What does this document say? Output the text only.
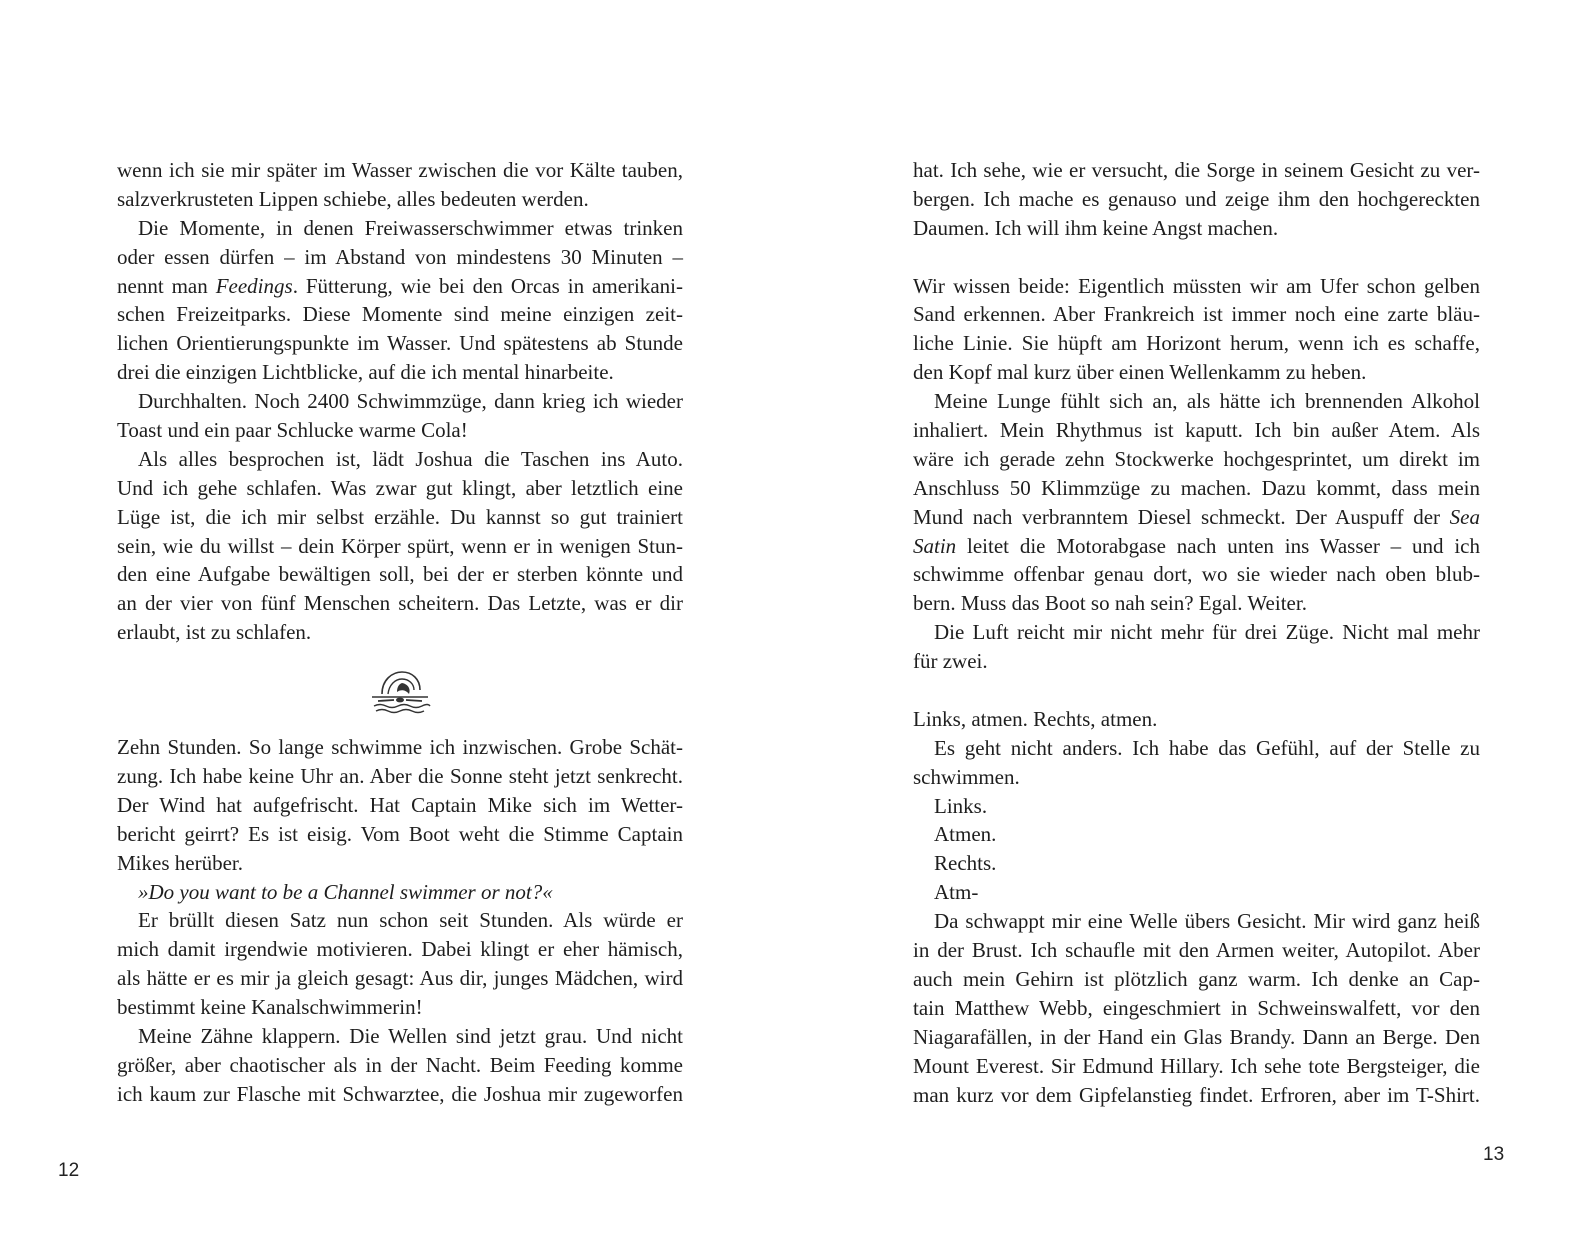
wenn ich sie mir später im Wasser zwischen die vor Kälte tauben,

salzverkrusteten Lippen schiebe, alles bedeuten werden.

Die Momente, in denen Freiwasserschwimmer etwas trinken

oder essen dürfen – im Abstand von mindestens 30 Minuten –

nennt man Feedings. Fütterung, wie bei den Orcas in amerikani-

schen Freizeitparks. Diese Momente sind meine einzigen zeit-

lichen Orientierungspunkte im Wasser. Und spätestens ab Stunde

drei die einzigen Lichtblicke, auf die ich mental hinarbeite.

Durchhalten. Noch 2400 Schwimmzüge, dann krieg ich wieder

Toast und ein paar Schlucke warme Cola!

Als alles besprochen ist, lädt Joshua die Taschen ins Auto.

Und ich gehe schlafen. Was zwar gut klingt, aber letztlich eine

Lüge ist, die ich mir selbst erzähle. Du kannst so gut trainiert

sein, wie du willst – dein Körper spürt, wenn er in wenigen Stun-

den eine Aufgabe bewältigen soll, bei der er sterben könnte und

an der vier von fünf Menschen scheitern. Das Letzte, was er dir

erlaubt, ist zu schlafen.

Zehn Stunden. So lange schwimme ich inzwischen. Grobe Schät-

zung. Ich habe keine Uhr an. Aber die Sonne steht jetzt senkrecht.

Der Wind hat aufgefrischt. Hat Captain Mike sich im Wetter-

bericht geirrt? Es ist eisig. Vom Boot weht die Stimme Captain

Mikes herüber.

»Do you want to be a Channel swimmer or not?«

Er brüllt diesen Satz nun schon seit Stunden. Als würde er

mich damit irgendwie motivieren. Dabei klingt er eher hämisch,

als hätte er es mir ja gleich gesagt: Aus dir, junges Mädchen, wird

bestimmt keine Kanalschwimmerin!

Meine Zähne klappern. Die Wellen sind jetzt grau. Und nicht

größer, aber chaotischer als in der Nacht. Beim Feeding komme

ich kaum zur Flasche mit Schwarztee, die Joshua mir zugeworfen

12

hat. Ich sehe, wie er versucht, die Sorge in seinem Gesicht zu ver-

bergen. Ich mache es genauso und zeige ihm den hochgereckten

Daumen. Ich will ihm keine Angst machen.

Wir wissen beide: Eigentlich müssten wir am Ufer schon gelben

Sand erkennen. Aber Frankreich ist immer noch eine zarte bläu-

liche Linie. Sie hüpft am Horizont herum, wenn ich es schaffe,

den Kopf mal kurz über einen Wellenkamm zu heben.

Meine Lunge fühlt sich an, als hätte ich brennenden Alkohol

inhaliert. Mein Rhythmus ist kaputt. Ich bin außer Atem. Als

wäre ich gerade zehn Stockwerke hochgesprintet, um direkt im

Anschluss 50 Klimmzüge zu machen. Dazu kommt, dass mein

Mund nach verbranntem Diesel schmeckt. Der Auspuff der Sea

Satin leitet die Motorabgase nach unten ins Wasser – und ich

schwimme offenbar genau dort, wo sie wieder nach oben blub-

bern. Muss das Boot so nah sein? Egal. Weiter.

Die Luft reicht mir nicht mehr für drei Züge. Nicht mal mehr

für zwei.

Links, atmen. Rechts, atmen.

Es geht nicht anders. Ich habe das Gefühl, auf der Stelle zu

schwimmen.

Links.

Atmen.

Rechts.

Atm-

Da schwappt mir eine Welle übers Gesicht. Mir wird ganz heiß

in der Brust. Ich schaufle mit den Armen weiter, Autopilot. Aber

auch mein Gehirn ist plötzlich ganz warm. Ich denke an Cap-

tain Matthew Webb, eingeschmiert in Schweinswalfett, vor den

Niagarafällen, in der Hand ein Glas Brandy. Dann an Berge. Den

Mount Everest. Sir Edmund Hillary. Ich sehe tote Bergsteiger, die

man kurz vor dem Gipfelanstieg findet. Erfroren, aber im T-Shirt.

13
